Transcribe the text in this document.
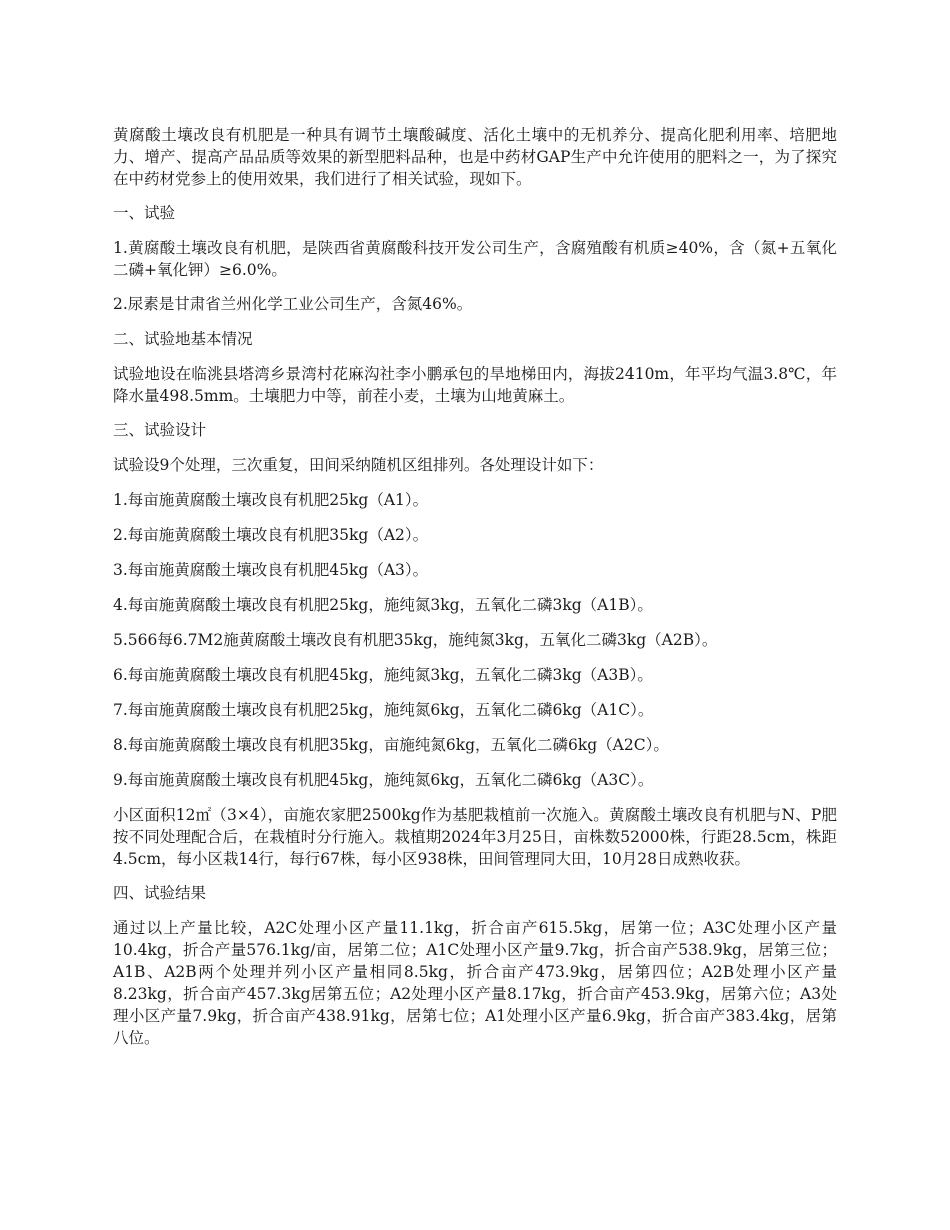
黄腐酸土壤改良有机肥是一种具有调节土壤酸碱度、活化土壤中的无机养分、提高化肥利用率、培肥地力、增产、提高产品品质等效果的新型肥料品种，也是中药材GAP生产中允许使用的肥料之一，为了探究在中药材党参上的使用效果，我们进行了相关试验，现如下。

一、试验

1.黄腐酸土壤改良有机肥，是陕西省黄腐酸科技开发公司生产，含腐殖酸有机质≥40%，含（氮+五氧化二磷+氧化钾）≥6.0%。

2.尿素是甘肃省兰州化学工业公司生产，含氮46%。

二、试验地基本情况

试验地设在临洮县塔湾乡景湾村花麻沟社李小鹏承包的旱地梯田内，海拔2410m，年平均气温3.8℃，年降水量498.5mm。土壤肥力中等，前茬小麦，土壤为山地黄麻土。

三、试验设计

试验设9个处理，三次重复，田间采纳随机区组排列。各处理设计如下：

1.每亩施黄腐酸土壤改良有机肥25kg（A1）。

2.每亩施黄腐酸土壤改良有机肥35kg（A2）。

3.每亩施黄腐酸土壤改良有机肥45kg（A3）。

4.每亩施黄腐酸土壤改良有机肥25kg，施纯氮3kg，五氧化二磷3kg（A1B）。

5.566每6.7M2施黄腐酸土壤改良有机肥35kg，施纯氮3kg，五氧化二磷3kg（A2B）。

6.每亩施黄腐酸土壤改良有机肥45kg，施纯氮3kg，五氧化二磷3kg（A3B）。

7.每亩施黄腐酸土壤改良有机肥25kg，施纯氮6kg，五氧化二磷6kg（A1C）。

8.每亩施黄腐酸土壤改良有机肥35kg，亩施纯氮6kg，五氧化二磷6kg（A2C）。

9.每亩施黄腐酸土壤改良有机肥45kg，施纯氮6kg，五氧化二磷6kg（A3C）。

小区面积12㎡（3×4），亩施农家肥2500kg作为基肥栽植前一次施入。黄腐酸土壤改良有机肥与N、P肥按不同处理配合后，在栽植时分行施入。栽植期2024年3月25日，亩株数52000株，行距28.5cm，株距4.5cm，每小区栽14行，每行67株，每小区938株，田间管理同大田，10月28日成熟收获。

四、试验结果

通过以上产量比较，A2C处理小区产量11.1kg，折合亩产615.5kg，居第一位；A3C处理小区产量10.4kg，折合产量576.1kg/亩，居第二位；A1C处理小区产量9.7kg，折合亩产538.9kg，居第三位；A1B、A2B两个处理并列小区产量相同8.5kg，折合亩产473.9kg，居第四位；A2B处理小区产量8.23kg，折合亩产457.3kg居第五位；A2处理小区产量8.17kg，折合亩产453.9kg，居第六位；A3处理小区产量7.9kg，折合亩产438.91kg，居第七位；A1处理小区产量6.9kg，折合亩产383.4kg，居第八位。
